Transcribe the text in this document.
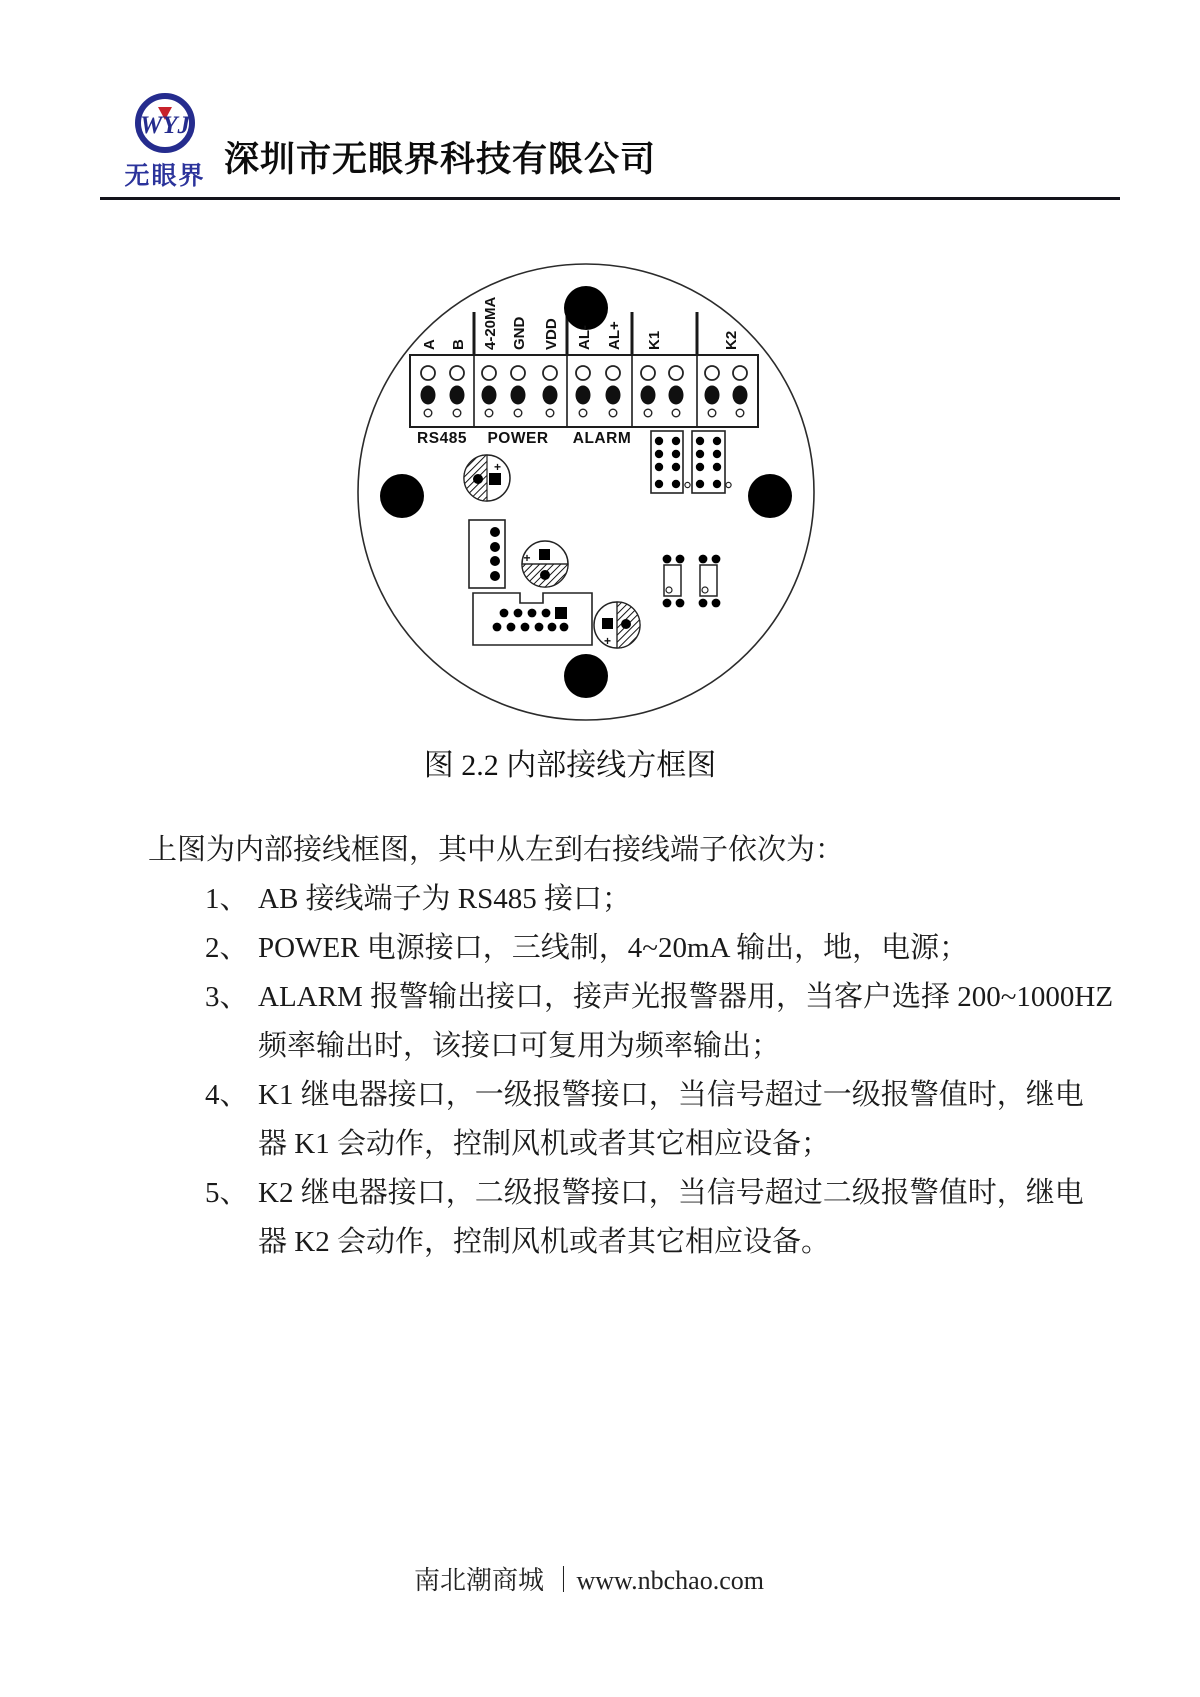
WYJ
无眼界 深圳市无眼界科技有限公司
A B 4-20MA GND VDD AL- AL+ K1	K2
RS485 POWER ALARM
+
+
+
图 2.2 内部接线方框图
上图为内部接线框图，其中从左到右接线端子依次为：
1、 AB 接线端子为 RS485 接口；
2、 POWER 电源接口，三线制，4~20mA 输出，地，电源；
3、 ALARM 报警输出接口，接声光报警器用，当客户选择 200~1000HZ
频率输出时，该接口可复用为频率输出；
4、 K1 继电器接口，一级报警接口，当信号超过一级报警值时，继电
器 K1 会动作，控制风机或者其它相应设备；
5、 K2 继电器接口，二级报警接口，当信号超过二级报警值时，继电
器 K2 会动作，控制风机或者其它相应设备。
南北潮商城 ｜www.nbchao.com
